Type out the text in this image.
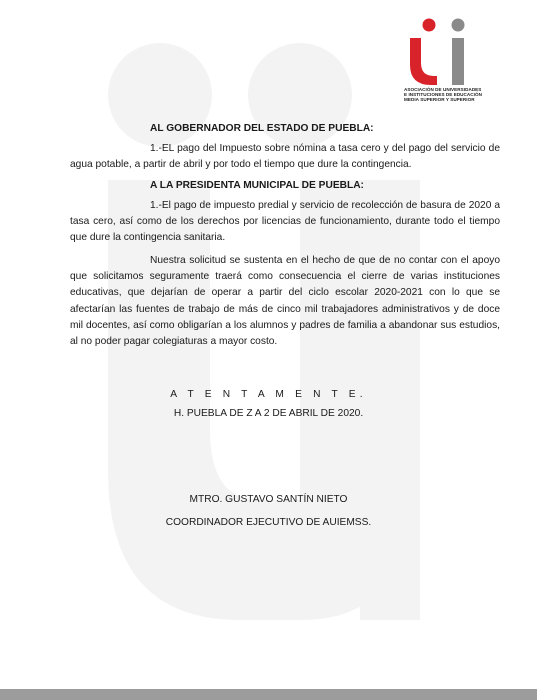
ASOCIACIÓN DE UNIVERSIDADES
E INSTITUCIONES DE EDUCACIÓN
MEDIA SUPERIOR Y SUPERIOR
AL GOBERNADOR DEL ESTADO DE PUEBLA:
1.-EL pago del Impuesto sobre nómina a tasa cero y del pago del servicio de agua potable, a partir de abril y por todo el tiempo que dure la contingencia.
A LA PRESIDENTA MUNICIPAL DE PUEBLA:
1.-El pago de impuesto predial y servicio de recolección de basura de 2020 a tasa cero, así como de los derechos por licencias de funcionamiento, durante todo el tiempo que dure la contingencia sanitaria.
Nuestra solicitud se sustenta en el hecho de que de no contar con el apoyo que solicitamos seguramente traerá como consecuencia el cierre de varias instituciones educativas, que dejarían de operar a partir del ciclo escolar 2020-2021 con lo que se afectarían las fuentes de trabajo de más de cinco mil trabajadores administrativos y de doce mil docentes, así como obligarían a los alumnos y padres de familia a abandonar sus estudios, al no poder pagar colegiaturas a mayor costo.
A T E N T A M E N T E.
H. PUEBLA DE Z A 2 DE ABRIL DE 2020.
MTRO. GUSTAVO SANTÍN NIETO
COORDINADOR EJECUTIVO DE AUIEMSS.
